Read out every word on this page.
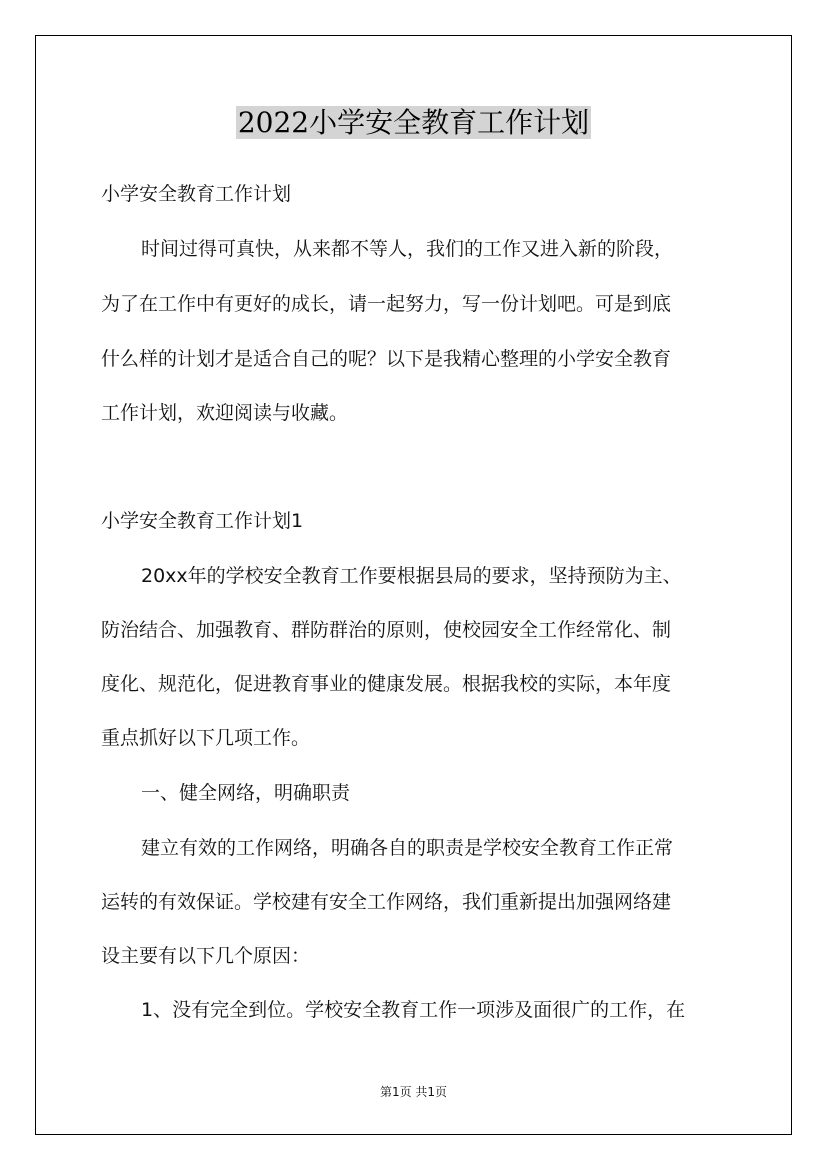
2022小学安全教育工作计划
小学安全教育工作计划
时间过得可真快，从来都不等人，我们的工作又进入新的阶段，
为了在工作中有更好的成长，请一起努力，写一份计划吧。可是到底
什么样的计划才是适合自己的呢？以下是我精心整理的小学安全教育
工作计划，欢迎阅读与收藏。
小学安全教育工作计划1
20xx年的学校安全教育工作要根据县局的要求，坚持预防为主、
防治结合、加强教育、群防群治的原则，使校园安全工作经常化、制
度化、规范化，促进教育事业的健康发展。根据我校的实际，本年度
重点抓好以下几项工作。
一、健全网络，明确职责
建立有效的工作网络，明确各自的职责是学校安全教育工作正常
运转的有效保证。学校建有安全工作网络，我们重新提出加强网络建
设主要有以下几个原因：
1、没有完全到位。学校安全教育工作一项涉及面很广的工作，在
第1页 共1页
